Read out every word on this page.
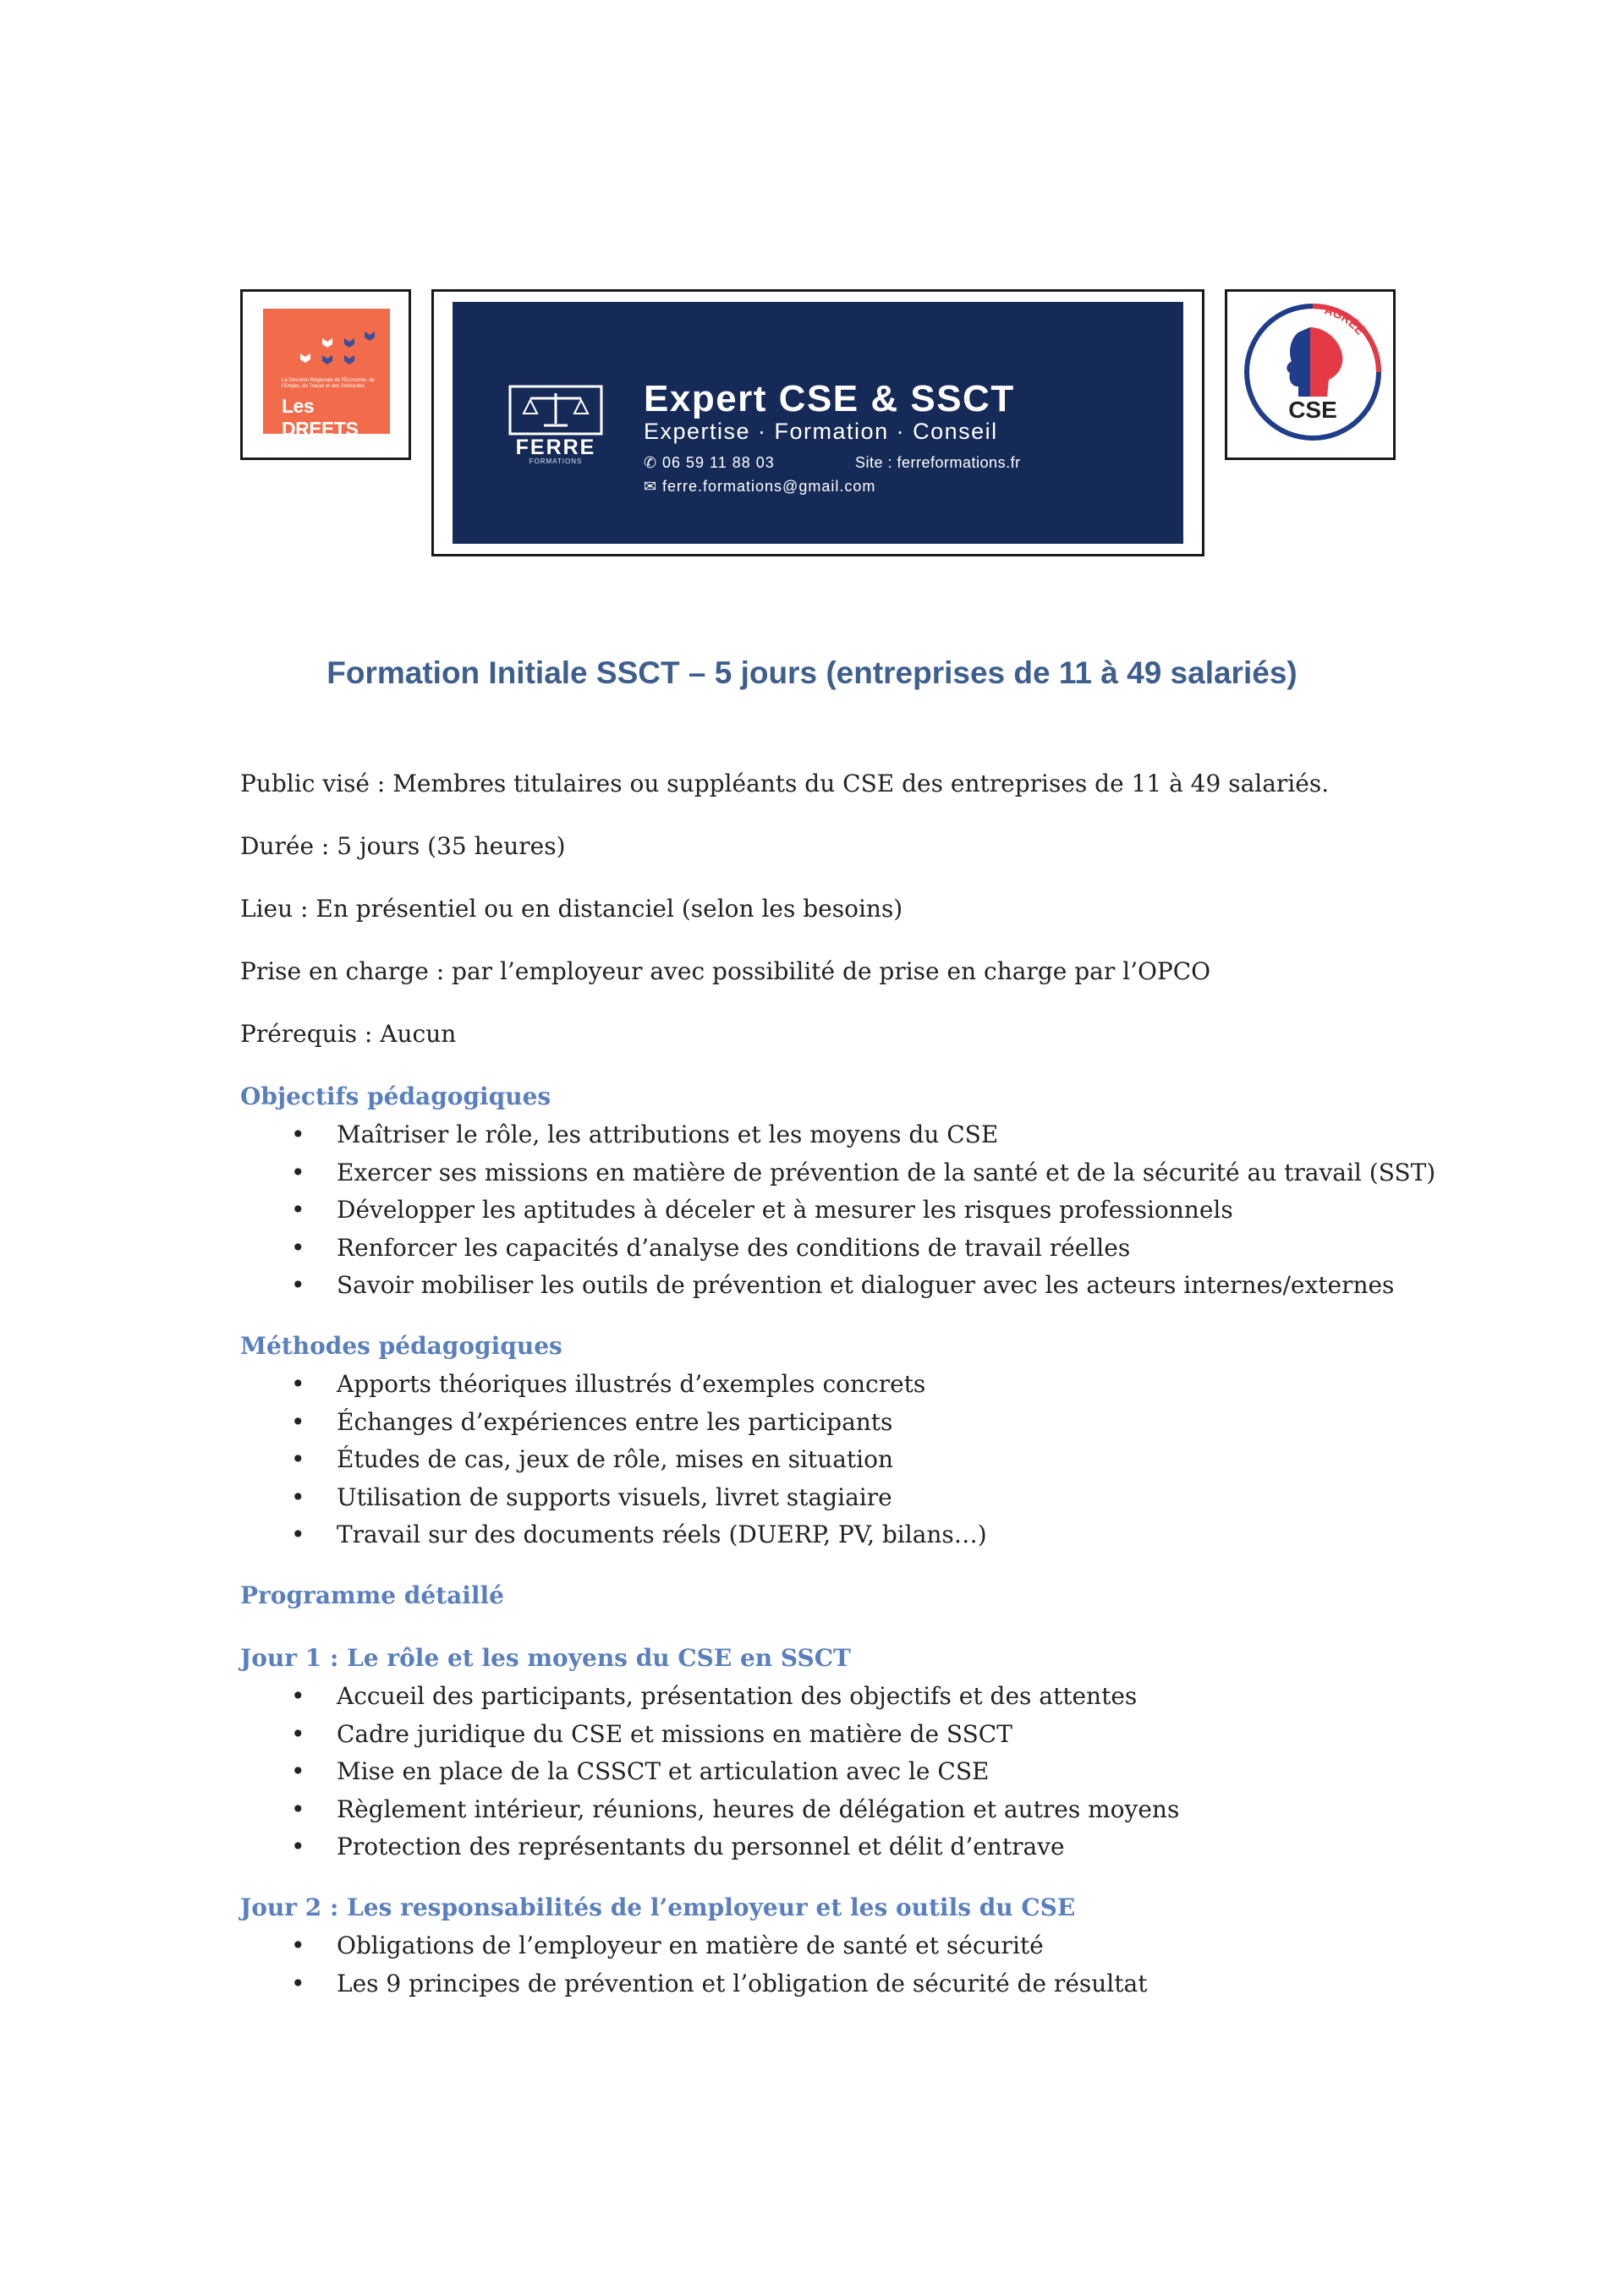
La Direction Régionale de l'Économie, de l'Emploi, du Travail et des Solidarités
Les DREETS
FERRE
FORMATIONS
Expert CSE & SSCT
Expertise · Formation · Conseil
✆ 06 59 11 88 03	Site : ferreformations.fr
✉ ferre.formations@gmail.com
AGRÉÉ
CSE
Formation Initiale SSCT – 5 jours (entreprises de 11 à 49 salariés)

Public visé : Membres titulaires ou suppléants du CSE des entreprises de 11 à 49 salariés.

Durée : 5 jours (35 heures)

Lieu : En présentiel ou en distanciel (selon les besoins)

Prise en charge : par l’employeur avec possibilité de prise en charge par l’OPCO

Prérequis : Aucun

Objectifs pédagogiques
• Maîtriser le rôle, les attributions et les moyens du CSE
• Exercer ses missions en matière de prévention de la santé et de la sécurité au travail (SST)
• Développer les aptitudes à déceler et à mesurer les risques professionnels
• Renforcer les capacités d’analyse des conditions de travail réelles
• Savoir mobiliser les outils de prévention et dialoguer avec les acteurs internes/externes
Méthodes pédagogiques
• Apports théoriques illustrés d’exemples concrets
• Échanges d’expériences entre les participants
• Études de cas, jeux de rôle, mises en situation
• Utilisation de supports visuels, livret stagiaire
• Travail sur des documents réels (DUERP, PV, bilans…)
Programme détaillé
Jour 1 : Le rôle et les moyens du CSE en SSCT
• Accueil des participants, présentation des objectifs et des attentes
• Cadre juridique du CSE et missions en matière de SSCT
• Mise en place de la CSSCT et articulation avec le CSE
• Règlement intérieur, réunions, heures de délégation et autres moyens
• Protection des représentants du personnel et délit d’entrave
Jour 2 : Les responsabilités de l’employeur et les outils du CSE
• Obligations de l’employeur en matière de santé et sécurité
• Les 9 principes de prévention et l’obligation de sécurité de résultat
